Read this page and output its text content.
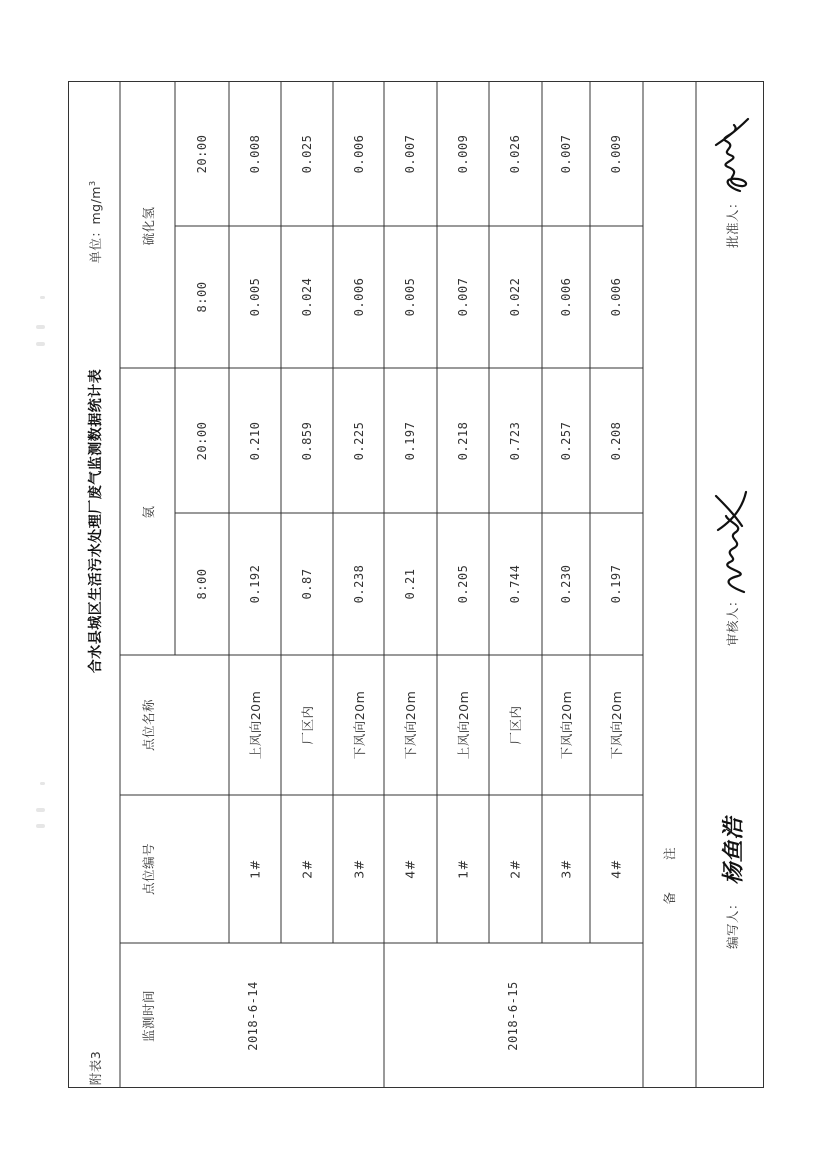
附表3
合水县城区生活污水处理厂废气监测数据统计表
单位：$mg/m^3$
监测时间
点位编号
点位名称
氨
硫化氢
8:00
20:00
8:00
20:00
2018-6-14	2018-6-15
1#
上风向20m
0.192
0.210
0.005
0.008
2#
厂区内
0.87
0.859
0.024
0.025
3#
下风向20m
0.238
0.225
0.006
0.006
4#
下风向20m
0.21
0.197
0.005
0.007
1#
上风向20m
0.205
0.218
0.007
0.009
2#
厂区内
0.744
0.723
0.022
0.026
3#
下风向20m
0.230
0.257
0.006
0.007
4#
下风向20m
0.197
0.208
0.006
0.009
备 注
编写人：
杨鱼浩
审核人：
批准人：
